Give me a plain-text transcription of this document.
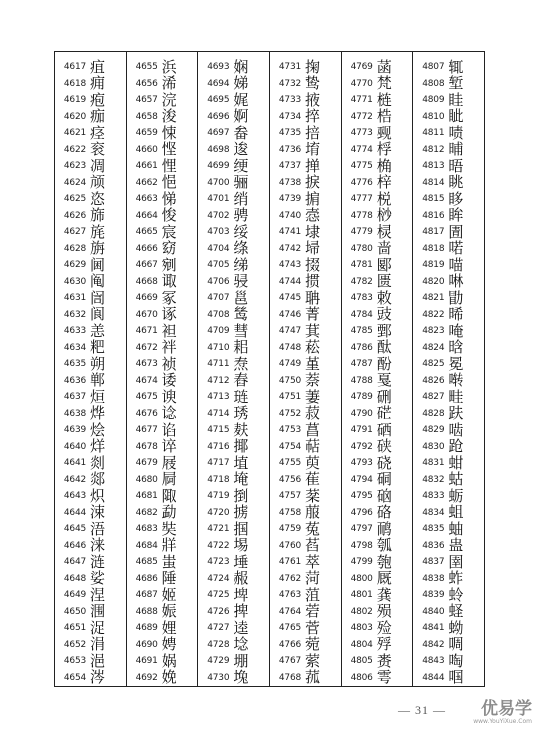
4617 疽
4618 痈
4619 疱
4620 痂
4621 痉
4622 衮
4623 凋
4624 颃
4625 恣
4626 旆
4627 旄
4628 旃
4629 阃
4630 阄
4631 訚
4632 阆
4633 恙
4634 粑
4635 朔
4636 郸
4637 烜
4638 烨
4639 烩
4640 烊
4641 剡
4642 郯
4643 炽
4644 涑
4645 浯
4646 涞
4647 涟
4648 娑
4649 涅
4650 涠
4651 浞
4652 涓
4653 浥
4654 涔
4655 浜
4656 浠
4657 浣
4658 浚
4659 悚
4660 悭
4661 悝
4662 悒
4663 悌
4664 悛
4665 宸
4666 窈
4667 剜
4668 诹
4669 冢
4670 诼
4671 袒
4672 袢
4673 祯
4674 诿
4675 谀
4676 谂
4677 谄
4678 谇
4679 屐
4680 屙
4681 陬
4682 勐
4683 奘
4684 牂
4685 蚩
4686 陲
4687 姬
4688 娠
4689 娌
4690 娉
4691 娲
4692 娩
4693 娴
4694 娣
4695 娓
4696 婀
4697 畚
4698 逡
4699 绠
4700 骊
4701 绡
4702 骋
4703 绥
4704 绦
4705 绨
4706 骎
4707 邕
4708 鸶
4709 彗
4710 耜
4711 焘
4712 舂
4713 琏
4714 琇
4715 麸
4716 揶
4717 埴
4718 埯
4719 捯
4720 掳
4721 掴
4722 埸
4723 埵
4724 赧
4725 埤
4726 捭
4727 逵
4728 埝
4729 堋
4730 堍
4731 掬
4732 鸷
4733 掖
4734 捽
4735 掊
4736 堉
4737 掸
4738 捩
4739 掮
4740 悫
4741 埭
4742 埽
4743 掇
4744 掼
4745 聃
4746 菁
4747 萁
4748 菘
4749 堇
4750 萘
4751 萋
4752 菽
4753 菖
4754 萜
4755 萸
4756 萑
4757 棻
4758 菔
4759 菟
4760 萏
4761 萃
4762 菏
4763 菹
4764 菪
4765 菅
4766 菀
4767 萦
4768 菰
4769 菡
4770 梵
4771 梿
4772 梏
4773 觋
4774 桴
4775 桷
4776 梓
4777 棁
4778 桫
4779 棂
4780 啬
4781 郾
4782 匮
4783 敕
4784 豉
4785 鄄
4786 酞
4787 酚
4788 戛
4789 硎
4790 硭
4791 硒
4792 硖
4793 硗
4794 硐
4795 硇
4796 硌
4797 鸸
4798 瓠
4799 匏
4800 厩
4801 龚
4802 殒
4803 殓
4804 殍
4805 赉
4806 雩
4807 辄
4808 堑
4809 眭
4810 眦
4811 啧
4812 晡
4813 晤
4814 眺
4815 眵
4816 眸
4817 圊
4818 喏
4819 喵
4820 啉
4821 勖
4822 晞
4823 唵
4824 晗
4825 冕
4826 啭
4827 畦
4828 趺
4829 啮
4830 跄
4831 蚶
4832 蛄
4833 蛎
4834 蛆
4835 蚰
4836 蛊
4837 圉
4838 蚱
4839 蛉
4840 蛏
4841 蚴
4842 啁
4843 啕
4844 啯
— 31 —	优易学
www.YouYiXue.Com
